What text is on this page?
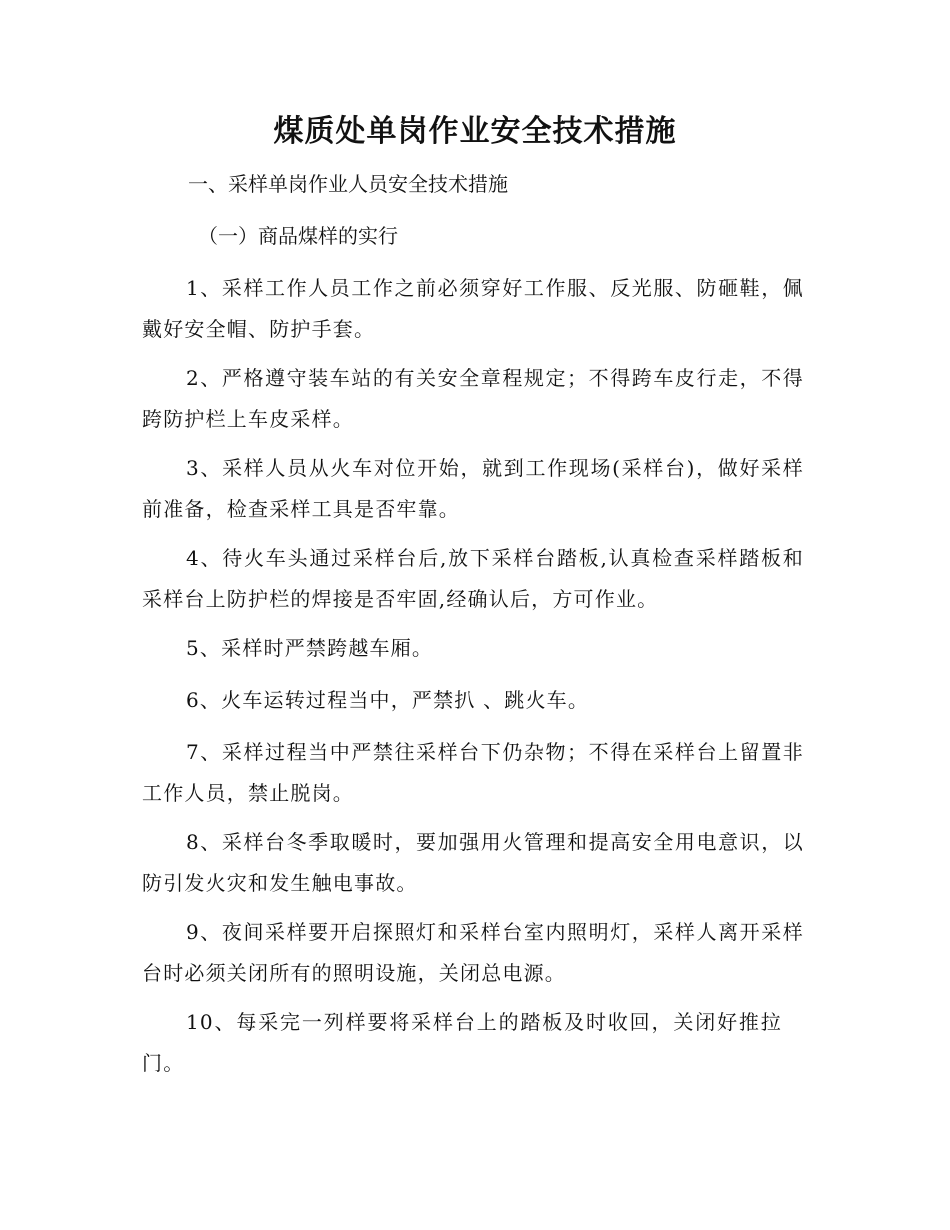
煤质处单岗作业安全技术措施

一、采样单岗作业人员安全技术措施

（一）商品煤样的实行

1、采样工作人员工作之前必须穿好工作服、反光服、防砸鞋，佩戴好安全帽、防护手套。

2、严格遵守装车站的有关安全章程规定；不得跨车皮行走，不得跨防护栏上车皮采样。

3、采样人员从火车对位开始，就到工作现场(采样台)，做好采样前准备，检查采样工具是否牢靠。

4、待火车头通过采样台后,放下采样台踏板,认真检查采样踏板和采样台上防护栏的焊接是否牢固,经确认后，方可作业。

5、采样时严禁跨越车厢。

6、火车运转过程当中，严禁扒 、跳火车。

7、采样过程当中严禁往采样台下仍杂物；不得在采样台上留置非工作人员，禁止脱岗。

8、采样台冬季取暖时，要加强用火管理和提高安全用电意识，以防引发火灾和发生触电事故。

9、夜间采样要开启探照灯和采样台室内照明灯，采样人离开采样台时必须关闭所有的照明设施，关闭总电源。

10、每采完一列样要将采样台上的踏板及时收回，关闭好推拉门。
